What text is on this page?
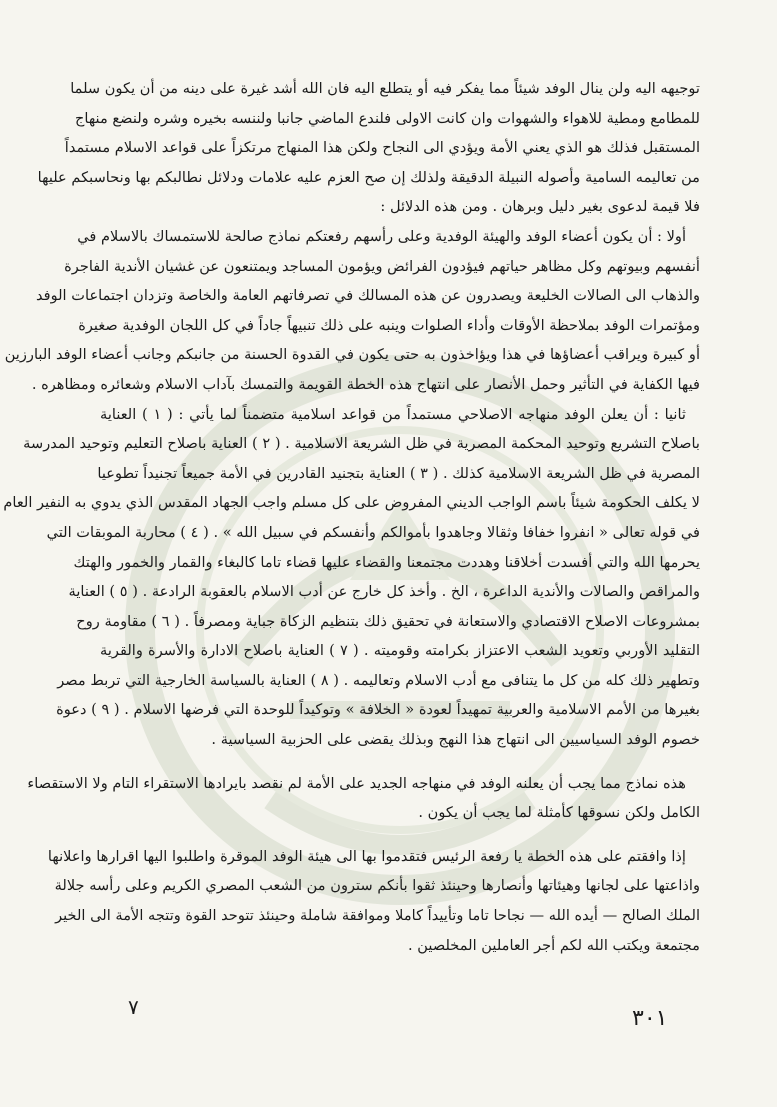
توجيهه اليه ولن ينال الوفد شيئاً مما يفكر فيه أو يتطلع اليه فان الله أشد غيرة على دينه من أن يكون سلما
للمطامع ومطية للاهواء والشهوات وان كانت الاولى فلندع الماضي جانبا ولننسه بخيره وشره ولنضع منهاج
المستقبل فذلك هو الذي يعني الأمة ويؤدي الى النجاح ولكن هذا المنهاج مرتكزاً على قواعد الاسلام مستمداً
من تعاليمه السامية وأصوله النبيلة الدقيقة ولذلك إن صح العزم عليه علامات ودلائل نطالبكم بها ونحاسبكم عليها
فلا قيمة لدعوى بغير دليل وبرهان . ومن هذه الدلائل :
أولا : أن يكون أعضاء الوفد والهيئة الوفدية وعلى رأسهم رفعتكم نماذج صالحة للاستمساك بالاسلام في
أنفسهم وبيوتهم وكل مظاهر حياتهم فيؤدون الفرائض ويؤمون المساجد ويمتنعون عن غشيان الأندية الفاجرة
والذهاب الى الصالات الخليعة ويصدرون عن هذه المسالك في تصرفاتهم العامة والخاصة وتزدان اجتماعات الوفد
ومؤتمرات الوفد بملاحظة الأوقات وأداء الصلوات وينبه على ذلك تنبيهاً جاداً في كل اللجان الوفدية صغيرة
أو كبيرة ويراقب أعضاؤها في هذا ويؤاخذون به حتى يكون في القدوة الحسنة من جانبكم وجانب أعضاء الوفد البارزين
فيها الكفاية في التأثير وحمل الأنصار على انتهاج هذه الخطة القويمة والتمسك بآداب الاسلام وشعائره ومظاهره .
ثانيا : أن يعلن الوفد منهاجه الاصلاحي مستمداً من قواعد اسلامية متضمناً لما يأتي : ( ١ ) العناية
باصلاح التشريع وتوحيد المحكمة المصرية في ظل الشريعة الاسلامية . ( ٢ ) العناية باصلاح التعليم وتوحيد المدرسة
المصرية في ظل الشريعة الاسلامية كذلك . ( ٣ ) العناية بتجنيد القادرين في الأمة جميعاً تجنيداً تطوعيا
لا يكلف الحكومة شيئاً باسم الواجب الديني المفروض على كل مسلم واجب الجهاد المقدس الذي يدوي به النفير العام
في قوله تعالى « انفروا خفافا وثقالا وجاهدوا بأموالكم وأنفسكم في سبيل الله » . ( ٤ ) محاربة الموبقات التي
يحرمها الله والتي أفسدت أخلاقنا وهددت مجتمعنا والقضاء عليها قضاء تاما كالبغاء والقمار والخمور والهتك
والمراقص والصالات والأندية الداعرة ، الخ . وأخذ كل خارج عن أدب الاسلام بالعقوبة الرادعة . ( ٥ ) العناية
بمشروعات الاصلاح الاقتصادي والاستعانة في تحقيق ذلك بتنظيم الزكاة جباية ومصرفاً . ( ٦ ) مقاومة روح
التقليد الأوربي وتعويد الشعب الاعتزاز بكرامته وقوميته . ( ٧ ) العناية باصلاح الادارة والأسرة والقرية
وتطهير ذلك كله من كل ما يتنافى مع أدب الاسلام وتعاليمه . ( ٨ ) العناية بالسياسة الخارجية التي تربط مصر
بغيرها من الأمم الاسلامية والعربية تمهيداً لعودة « الخلافة » وتوكيداً للوحدة التي فرضها الاسلام . ( ٩ ) دعوة
خصوم الوفد السياسيين الى انتهاج هذا النهج وبذلك يقضى على الحزبية السياسية .
هذه نماذج مما يجب أن يعلنه الوفد في منهاجه الجديد على الأمة لم نقصد بايرادها الاستقراء التام ولا الاستقصاء
الكامل ولكن نسوقها كأمثلة لما يجب أن يكون .
إذا وافقتم على هذه الخطة يا رفعة الرئيس فتقدموا بها الى هيئة الوفد الموقرة واطلبوا اليها اقرارها واعلانها
واذاعتها على لجانها وهيئاتها وأنصارها وحينئذ ثقوا بأنكم سترون من الشعب المصري الكريم وعلى رأسه جلالة
الملك الصالح — أيده الله — نجاحا تاما وتأييداً كاملا وموافقة شاملة وحينئذ تتوحد القوة وتتجه الأمة الى الخير
مجتمعة ويكتب الله لكم أجر العاملين المخلصين .
٧	٣٠١
